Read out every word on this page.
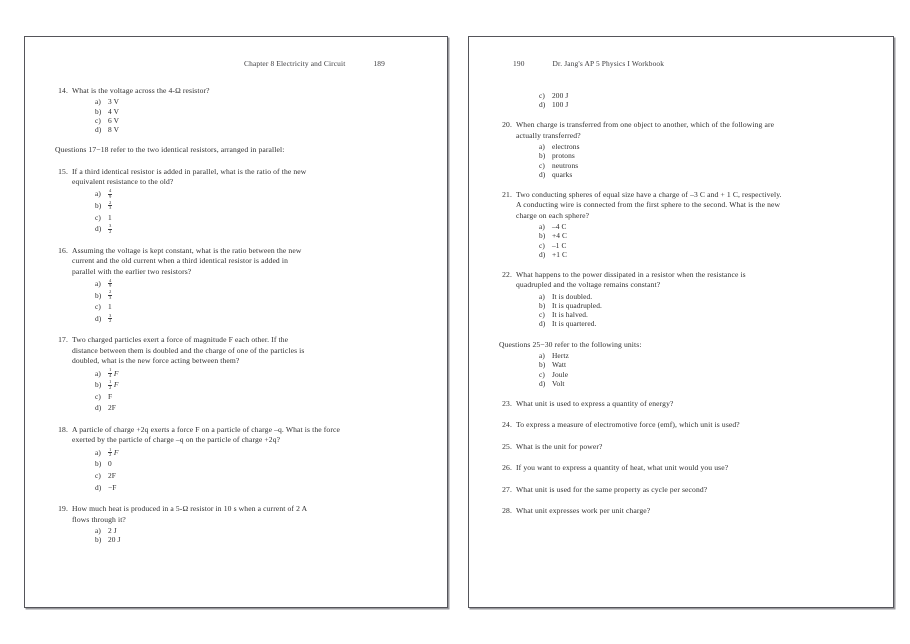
Chapter 8 Electricity and Circuit	189
14. What is the voltage across the 4-Ω resistor?
a) 3 V
b) 4 V
c) 6 V
d) 8 V
Questions 17−18 refer to the two identical resistors, arranged in parallel:
15. If a third identical resistor is added in parallel, what is the ratio of the new
equivalent resistance to the old?
a)	$\frac{4}{9}$
b)	$\frac{2}{3}$
c) 1
d)	$\frac{3}{2}$
16. Assuming the voltage is kept constant, what is the ratio between the new
current and the old current when a third identical resistor is added in
parallel with the earlier two resistors?
a)	$\frac{4}{9}$
b)	$\frac{2}{3}$
c) 1
d)	$\frac{3}{2}$
17. Two charged particles exert a force of magnitude F each other. If the
distance between them is doubled and the charge of one of the particles is
doubled, what is the new force acting between them?
a)	$\frac{1}{4}$ F
b)	$\frac{1}{2}$ F
c) F
d) 2F
18. A particle of charge +2q exerts a force F on a particle of charge –q. What is the force
exerted by the particle of charge –q on the particle of charge +2q?
a)	$\frac{1}{2}$ F
b) 0
c) 2F
d) −F
19. How much heat is produced in a 5-Ω resistor in 10 s when a current of 2 A
flows through it?
a) 2 J
b) 20 J
190	Dr. Jang's AP 5 Physics I Workbook
c) 200 J
d) 100 J
20. When charge is transferred from one object to another, which of the following are
actually transferred?
a) electrons
b) protons
c) neutrons
d) quarks
21. Two conducting spheres of equal size have a charge of –3 C and + 1 C, respectively.
A conducting wire is connected from the first sphere to the second. What is the new
charge on each sphere?
a) –4 C
b) +4 C
c) –1 C
d) +1 C
22. What happens to the power dissipated in a resistor when the resistance is
quadrupled and the voltage remains constant?
a) It is doubled.
b) It is quadrupled.
c) It is halved.
d) It is quartered.
Questions 25−30 refer to the following units:
a) Hertz
b) Watt
c) Joule
d) Volt
23. What unit is used to express a quantity of energy?
24. To express a measure of electromotive force (emf), which unit is used?
25. What is the unit for power?
26. If you want to express a quantity of heat, what unit would you use?
27. What unit is used for the same property as cycle per second?
28. What unit expresses work per unit charge?
